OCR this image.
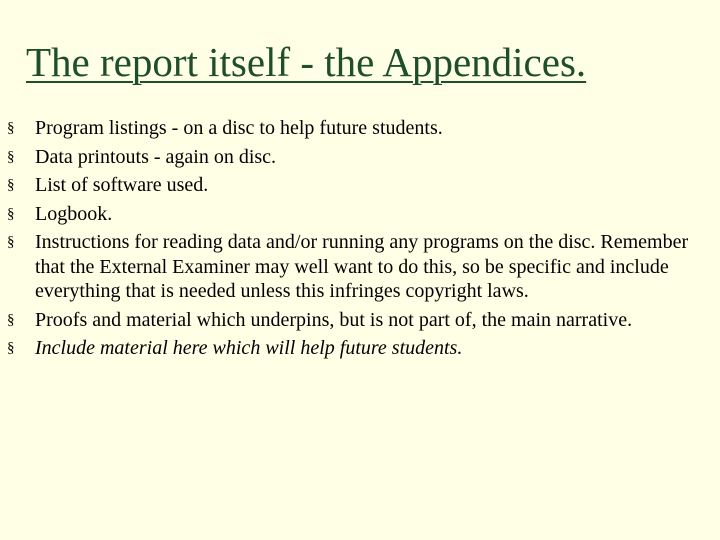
The report itself - the Appendices.
§ Program listings - on a disc to help future students.
§ Data printouts - again on disc.
§ List of software used.
§ Logbook.
§ Instructions for reading data and/or running any programs on the disc. Remember that the External Examiner may well want to do this, so be specific and include everything that is needed unless this infringes copyright laws.
§ Proofs and material which underpins, but is not part of, the main narrative.
§ Include material here which will help future students.
